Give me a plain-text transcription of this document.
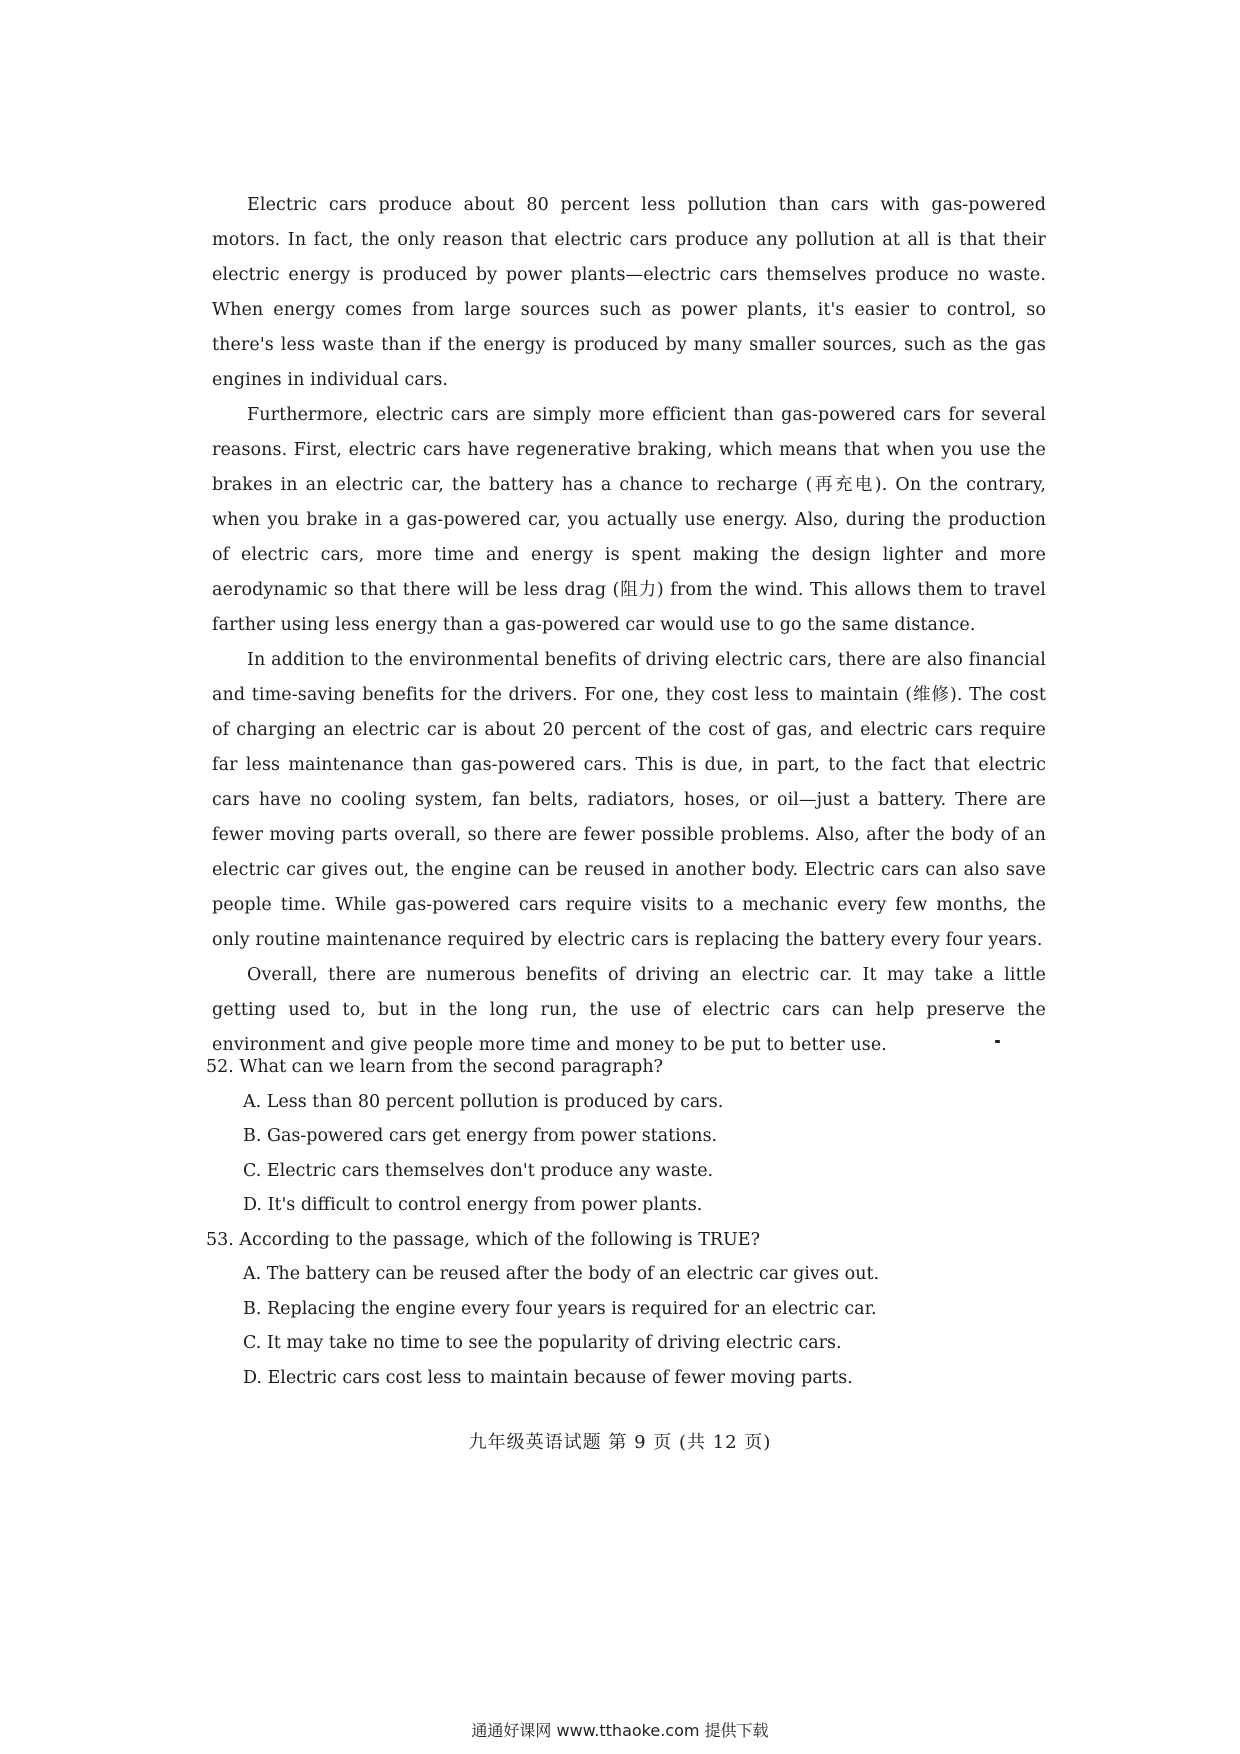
Electric cars produce about 80 percent less pollution than cars with gas-powered motors. In fact, the only reason that electric cars produce any pollution at all is that their electric energy is produced by power plants—electric cars themselves produce no waste. When energy comes from large sources such as power plants, it's easier to control, so there's less waste than if the energy is produced by many smaller sources, such as the gas engines in individual cars.

Furthermore, electric cars are simply more efficient than gas-powered cars for several reasons. First, electric cars have regenerative braking, which means that when you use the brakes in an electric car, the battery has a chance to recharge (再充电). On the contrary, when you brake in a gas-powered car, you actually use energy. Also, during the production of electric cars, more time and energy is spent making the design lighter and more aerodynamic so that there will be less drag (阻力) from the wind. This allows them to travel farther using less energy than a gas-powered car would use to go the same distance.

In addition to the environmental benefits of driving electric cars, there are also financial and time-saving benefits for the drivers. For one, they cost less to maintain (维修). The cost of charging an electric car is about 20 percent of the cost of gas, and electric cars require far less maintenance than gas-powered cars. This is due, in part, to the fact that electric cars have no cooling system, fan belts, radiators, hoses, or oil—just a battery. There are fewer moving parts overall, so there are fewer possible problems. Also, after the body of an electric car gives out, the engine can be reused in another body. Electric cars can also save people time. While gas-powered cars require visits to a mechanic every few months, the only routine maintenance required by electric cars is replacing the battery every four years.

Overall, there are numerous benefits of driving an electric car. It may take a little getting used to, but in the long run, the use of electric cars can help preserve the environment and give people more time and money to be put to better use.

52. What can we learn from the second paragraph?
A. Less than 80 percent pollution is produced by cars.
B. Gas-powered cars get energy from power stations.
C. Electric cars themselves don't produce any waste.
D. It's difficult to control energy from power plants.
53. According to the passage, which of the following is TRUE?
A. The battery can be reused after the body of an electric car gives out.
B. Replacing the engine every four years is required for an electric car.
C. It may take no time to see the popularity of driving electric cars.
D. Electric cars cost less to maintain because of fewer moving parts.
九年级英语试题 第 9 页 (共 12 页)
通通好课网 www.tthaoke.com 提供下载
